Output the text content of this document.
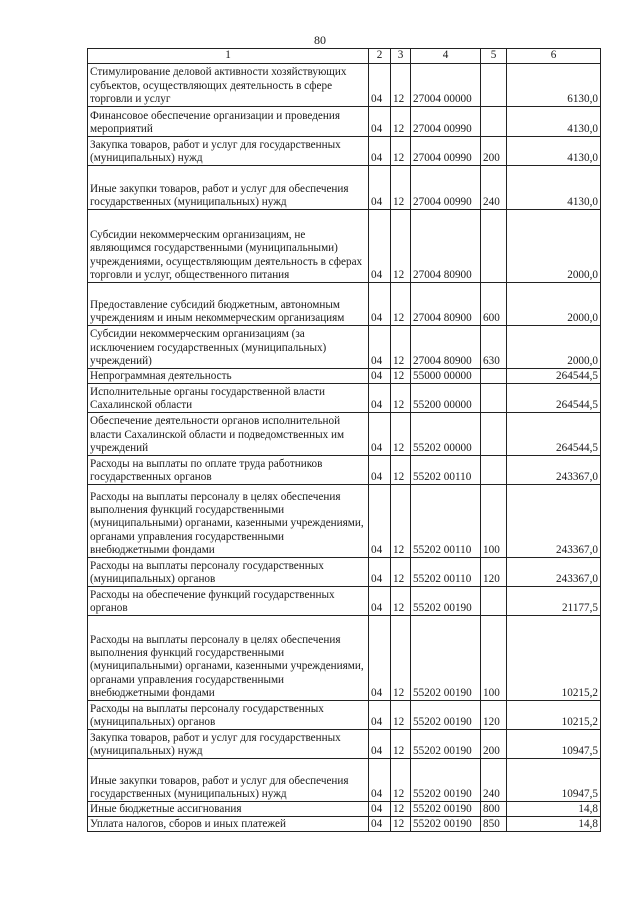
80
1	2	3	4	5	6
Стимулирование деловой активности хозяйствующих субъектов, осуществляющих деятельность в сфере торговли и услуг	04	12	27004 00000		6130,0
Финансовое обеспечение организации и проведения мероприятий	04	12	27004 00990		4130,0
Закупка товаров, работ и услуг для государственных (муниципальных) нужд	04	12	27004 00990	200	4130,0
Иные закупки товаров, работ и услуг для обеспечения государственных (муниципальных) нужд	04	12	27004 00990	240	4130,0
Субсидии некоммерческим организациям, не являющимся государственными (муниципальными) учреждениями, осуществляющим деятельность в сферах торговли и услуг, общественного питания	04	12	27004 80900		2000,0
Предоставление субсидий бюджетным, автономным учреждениям и иным некоммерческим организациям	04	12	27004 80900	600	2000,0
Субсидии некоммерческим организациям (за исключением государственных (муниципальных) учреждений)	04	12	27004 80900	630	2000,0
Непрограммная деятельность	04	12	55000 00000		264544,5
Исполнительные органы государственной власти Сахалинской области	04	12	55200 00000		264544,5
Обеспечение деятельности органов исполнительной власти Сахалинской области и подведомственных им учреждений	04	12	55202 00000		264544,5
Расходы на выплаты по оплате труда работников государственных органов	04	12	55202 00110		243367,0
Расходы на выплаты персоналу в целях обеспечения выполнения функций государственными (муниципальными) органами, казенными учреждениями, органами управления государственными внебюджетными фондами	04	12	55202 00110	100	243367,0
Расходы на выплаты персоналу государственных (муниципальных) органов	04	12	55202 00110	120	243367,0
Расходы на обеспечение функций государственных органов	04	12	55202 00190		21177,5
Расходы на выплаты персоналу в целях обеспечения выполнения функций государственными (муниципальными) органами, казенными учреждениями, органами управления государственными внебюджетными фондами	04	12	55202 00190	100	10215,2
Расходы на выплаты персоналу государственных (муниципальных) органов	04	12	55202 00190	120	10215,2
Закупка товаров, работ и услуг для государственных (муниципальных) нужд	04	12	55202 00190	200	10947,5
Иные закупки товаров, работ и услуг для обеспечения государственных (муниципальных) нужд	04	12	55202 00190	240	10947,5
Иные бюджетные ассигнования	04	12	55202 00190	800	14,8
Уплата налогов, сборов и иных платежей	04	12	55202 00190	850	14,8
